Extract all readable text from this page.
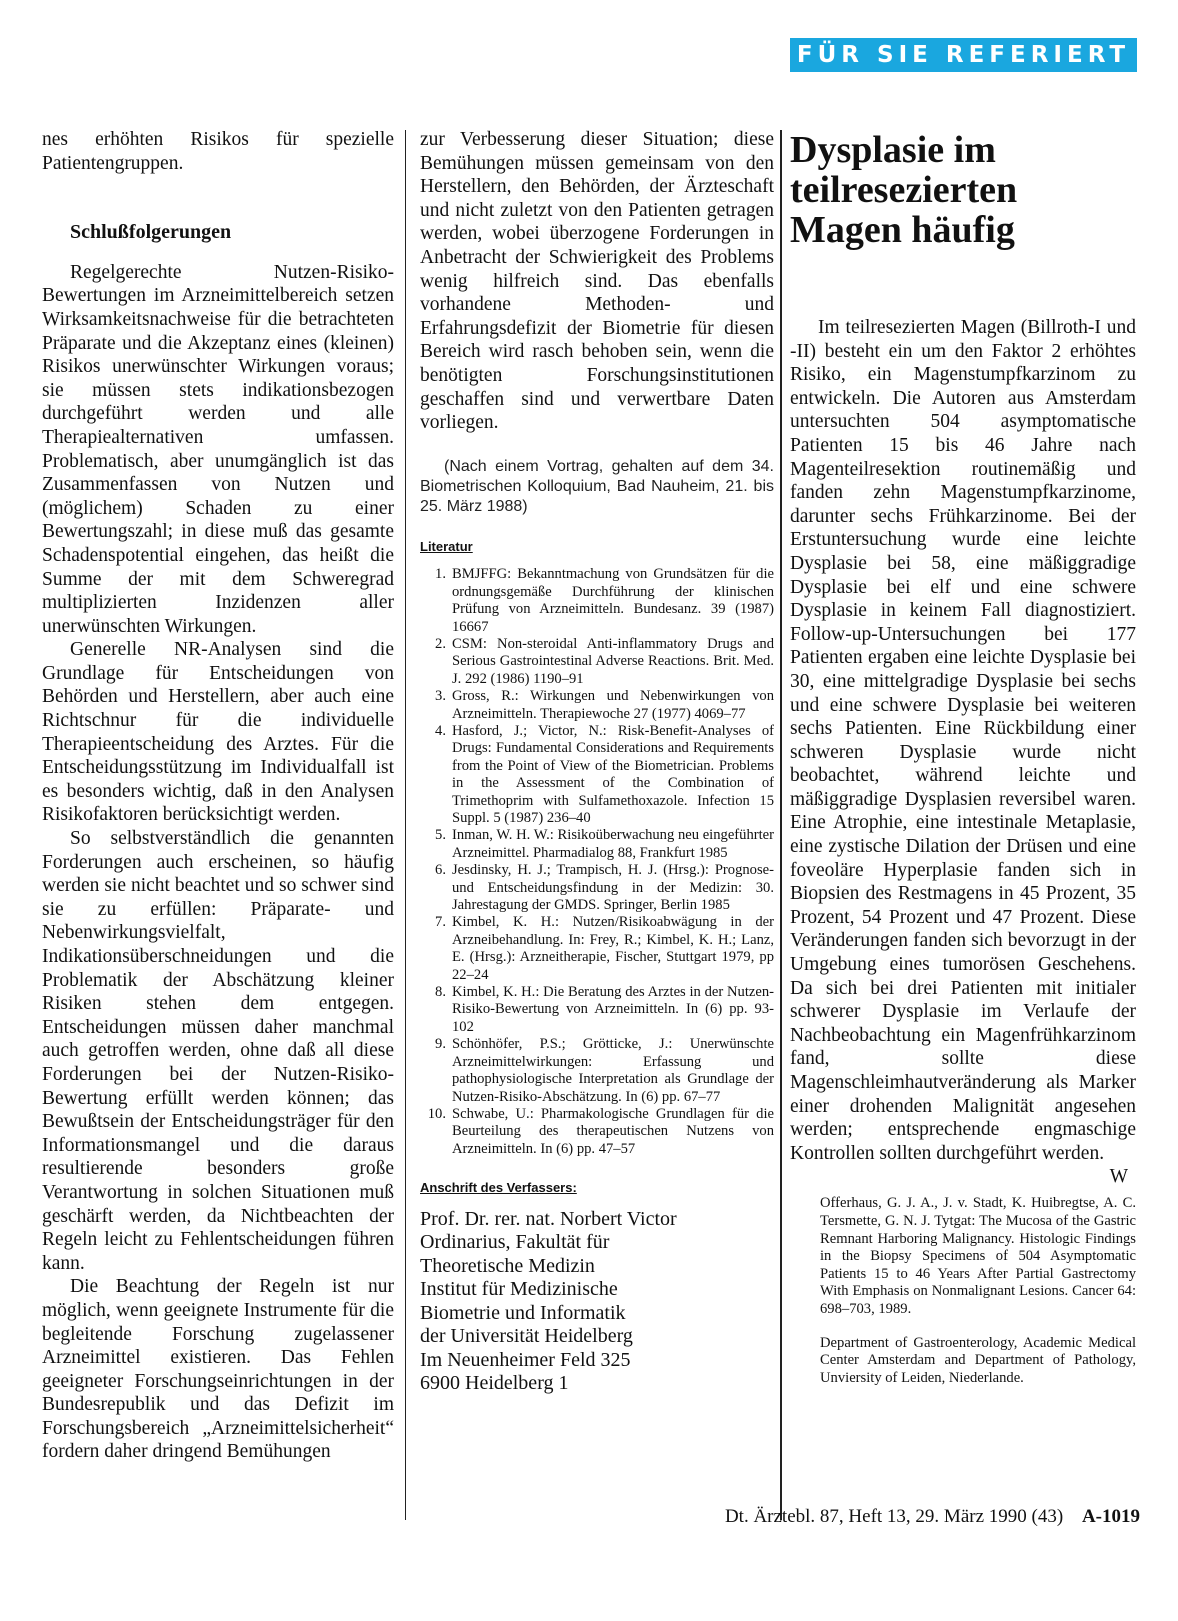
FÜR SIE REFERIERT

nes erhöhten Risikos für spezielle Patientengruppen.

Schlußfolgerungen

Regelgerechte Nutzen-Risiko-Bewertungen im Arzneimittelbereich setzen Wirksamkeitsnachweise für die betrachteten Präparate und die Akzeptanz eines (kleinen) Risikos unerwünschter Wirkungen voraus; sie müssen stets indikationsbezogen durchgeführt werden und alle Therapiealternativen umfassen. Problematisch, aber unumgänglich ist das Zusammenfassen von Nutzen und (möglichem) Schaden zu einer Bewertungszahl; in diese muß das gesamte Schadenspotential eingehen, das heißt die Summe der mit dem Schweregrad multiplizierten Inzidenzen aller unerwünschten Wirkungen.

Generelle NR-Analysen sind die Grundlage für Entscheidungen von Behörden und Herstellern, aber auch eine Richtschnur für die individuelle Therapieentscheidung des Arztes. Für die Entscheidungsstützung im Individualfall ist es besonders wichtig, daß in den Analysen Risikofaktoren berücksichtigt werden.

So selbstverständlich die genannten Forderungen auch erscheinen, so häufig werden sie nicht beachtet und so schwer sind sie zu erfüllen: Präparate- und Nebenwirkungsvielfalt, Indikationsüberschneidungen und die Problematik der Abschätzung kleiner Risiken stehen dem entgegen. Entscheidungen müssen daher manchmal auch getroffen werden, ohne daß all diese Forderungen bei der Nutzen-Risiko-Bewertung erfüllt werden können; das Bewußtsein der Entscheidungsträger für den Informationsmangel und die daraus resultierende besonders große Verantwortung in solchen Situationen muß geschärft werden, da Nichtbeachten der Regeln leicht zu Fehlentscheidungen führen kann.

Die Beachtung der Regeln ist nur möglich, wenn geeignete Instrumente für die begleitende Forschung zugelassener Arzneimittel existieren. Das Fehlen geeigneter Forschungseinrichtungen in der Bundesrepublik und das Defizit im Forschungsbereich „Arzneimittelsicherheit“ fordern daher dringend Bemühungen

zur Verbesserung dieser Situation; diese Bemühungen müssen gemeinsam von den Herstellern, den Behörden, der Ärzteschaft und nicht zuletzt von den Patienten getragen werden, wobei überzogene Forderungen in Anbetracht der Schwierigkeit des Problems wenig hilfreich sind. Das ebenfalls vorhandene Methoden- und Erfahrungsdefizit der Biometrie für diesen Bereich wird rasch behoben sein, wenn die benötigten Forschungsinstitutionen geschaffen sind und verwertbare Daten vorliegen.

(Nach einem Vortrag, gehalten auf dem 34. Biometrischen Kolloquium, Bad Nauheim, 21. bis 25. März 1988)

Literatur
1. BMJFFG: Bekanntmachung von Grundsätzen für die ordnungsgemäße Durchführung der klinischen Prüfung von Arzneimitteln. Bundesanz. 39 (1987) 16667
2. CSM: Non-steroidal Anti-inflammatory Drugs and Serious Gastrointestinal Adverse Reactions. Brit. Med. J. 292 (1986) 1190–91
3. Gross, R.: Wirkungen und Nebenwirkungen von Arzneimitteln. Therapiewoche 27 (1977) 4069–77
4. Hasford, J.; Victor, N.: Risk-Benefit-Analyses of Drugs: Fundamental Considerations and Requirements from the Point of View of the Biometrician. Problems in the Assessment of the Combination of Trimethoprim with Sulfamethoxazole. Infection 15 Suppl. 5 (1987) 236–40
5. Inman, W. H. W.: Risikoüberwachung neu eingeführter Arzneimittel. Pharmadialog 88, Frankfurt 1985
6. Jesdinsky, H. J.; Trampisch, H. J. (Hrsg.): Prognose- und Entscheidungsfindung in der Medizin: 30. Jahrestagung der GMDS. Springer, Berlin 1985
7. Kimbel, K. H.: Nutzen/Risikoabwägung in der Arzneibehandlung. In: Frey, R.; Kimbel, K. H.; Lanz, E. (Hrsg.): Arzneitherapie, Fischer, Stuttgart 1979, pp 22–24
8. Kimbel, K. H.: Die Beratung des Arztes in der Nutzen-Risiko-Bewertung von Arzneimitteln. In (6) pp. 93-102
9. Schönhöfer, P.S.; Grötticke, J.: Unerwünschte Arzneimittelwirkungen: Erfassung und pathophysiologische Interpretation als Grundlage der Nutzen-Risiko-Abschätzung. In (6) pp. 67–77
10. Schwabe, U.: Pharmakologische Grundlagen für die Beurteilung des therapeutischen Nutzens von Arzneimitteln. In (6) pp. 47–57
Anschrift des Verfassers:
Prof. Dr. rer. nat. Norbert Victor
Ordinarius, Fakultät für
Theoretische Medizin
Institut für Medizinische
Biometrie und Informatik
der Universität Heidelberg
Im Neuenheimer Feld 325
6900 Heidelberg 1
Dysplasie im teilresezierten Magen häufig

Im teilresezierten Magen (Billroth-I und -II) besteht ein um den Faktor 2 erhöhtes Risiko, ein Magenstumpfkarzinom zu entwickeln. Die Autoren aus Amsterdam untersuchten 504 asymptomatische Patienten 15 bis 46 Jahre nach Magenteilresektion routinemäßig und fanden zehn Magenstumpfkarzinome, darunter sechs Frühkarzinome. Bei der Erstuntersuchung wurde eine leichte Dysplasie bei 58, eine mäßiggradige Dysplasie bei elf und eine schwere Dysplasie in keinem Fall diagnostiziert. Follow-up-Untersuchungen bei 177 Patienten ergaben eine leichte Dysplasie bei 30, eine mittelgradige Dysplasie bei sechs und eine schwere Dysplasie bei weiteren sechs Patienten. Eine Rückbildung einer schweren Dysplasie wurde nicht beobachtet, während leichte und mäßiggradige Dysplasien reversibel waren. Eine Atrophie, eine intestinale Metaplasie, eine zystische Dilation der Drüsen und eine foveoläre Hyperplasie fanden sich in Biopsien des Restmagens in 45 Prozent, 35 Prozent, 54 Prozent und 47 Prozent. Diese Veränderungen fanden sich bevorzugt in der Umgebung eines tumorösen Geschehens. Da sich bei drei Patienten mit initialer schwerer Dysplasie im Verlaufe der Nachbeobachtung ein Magenfrühkarzinom fand, sollte diese Magenschleimhautveränderung als Marker einer drohenden Malignität angesehen werden; entsprechende engmaschige Kontrollen sollten durchgeführt werden.
W

Offerhaus, G. J. A., J. v. Stadt, K. Huibregtse, A. C. Tersmette, G. N. J. Tytgat: The Mucosa of the Gastric Remnant Harboring Malignancy. Histologic Findings in the Biopsy Specimens of 504 Asymptomatic Patients 15 to 46 Years After Partial Gastrectomy With Emphasis on Nonmalignant Lesions. Cancer 64: 698–703, 1989.

Department of Gastroenterology, Academic Medical Center Amsterdam and Department of Pathology, Unviersity of Leiden, Niederlande.

Dt. Ärztebl. 87, Heft 13, 29. März 1990 (43) A-1019
